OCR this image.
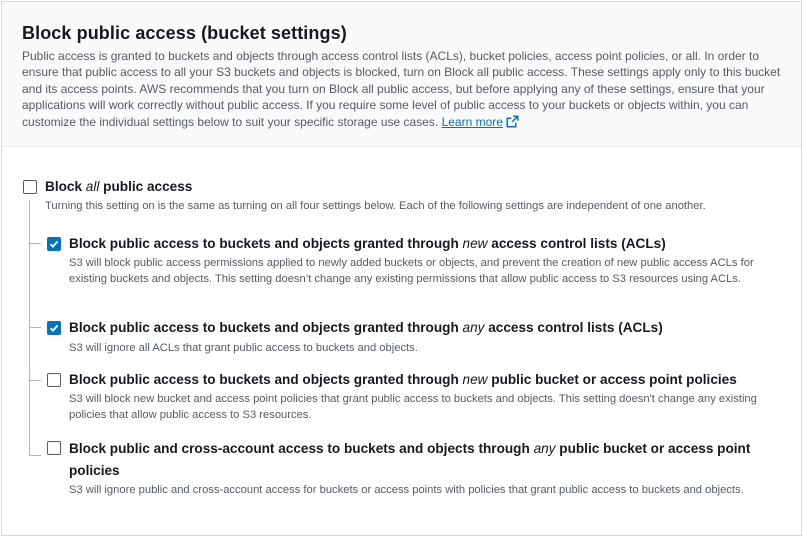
Block public access (bucket settings)

Public access is granted to buckets and objects through access control lists (ACLs), bucket policies, access point policies, or all. In order to ensure that public access to all your S3 buckets and objects is blocked, turn on Block all public access. These settings apply only to this bucket and its access points. AWS recommends that you turn on Block all public access, but before applying any of these settings, ensure that your applications will work correctly without public access. If you require some level of public access to your buckets or objects within, you can customize the individual settings below to suit your specific storage use cases. Learn more

Block all public access
Turning this setting on is the same as turning on all four settings below. Each of the following settings are independent of one another.
Block public access to buckets and objects granted through new access control lists (ACLs)
S3 will block public access permissions applied to newly added buckets or objects, and prevent the creation of new public access ACLs for existing buckets and objects. This setting doesn’t change any existing permissions that allow public access to S3 resources using ACLs.
Block public access to buckets and objects granted through any access control lists (ACLs)
S3 will ignore all ACLs that grant public access to buckets and objects.
Block public access to buckets and objects granted through new public bucket or access point policies
S3 will block new bucket and access point policies that grant public access to buckets and objects. This setting doesn't change any existing policies that allow public access to S3 resources.
Block public and cross-account access to buckets and objects through any public bucket or access point policies
S3 will ignore public and cross-account access for buckets or access points with policies that grant public access to buckets and objects.
